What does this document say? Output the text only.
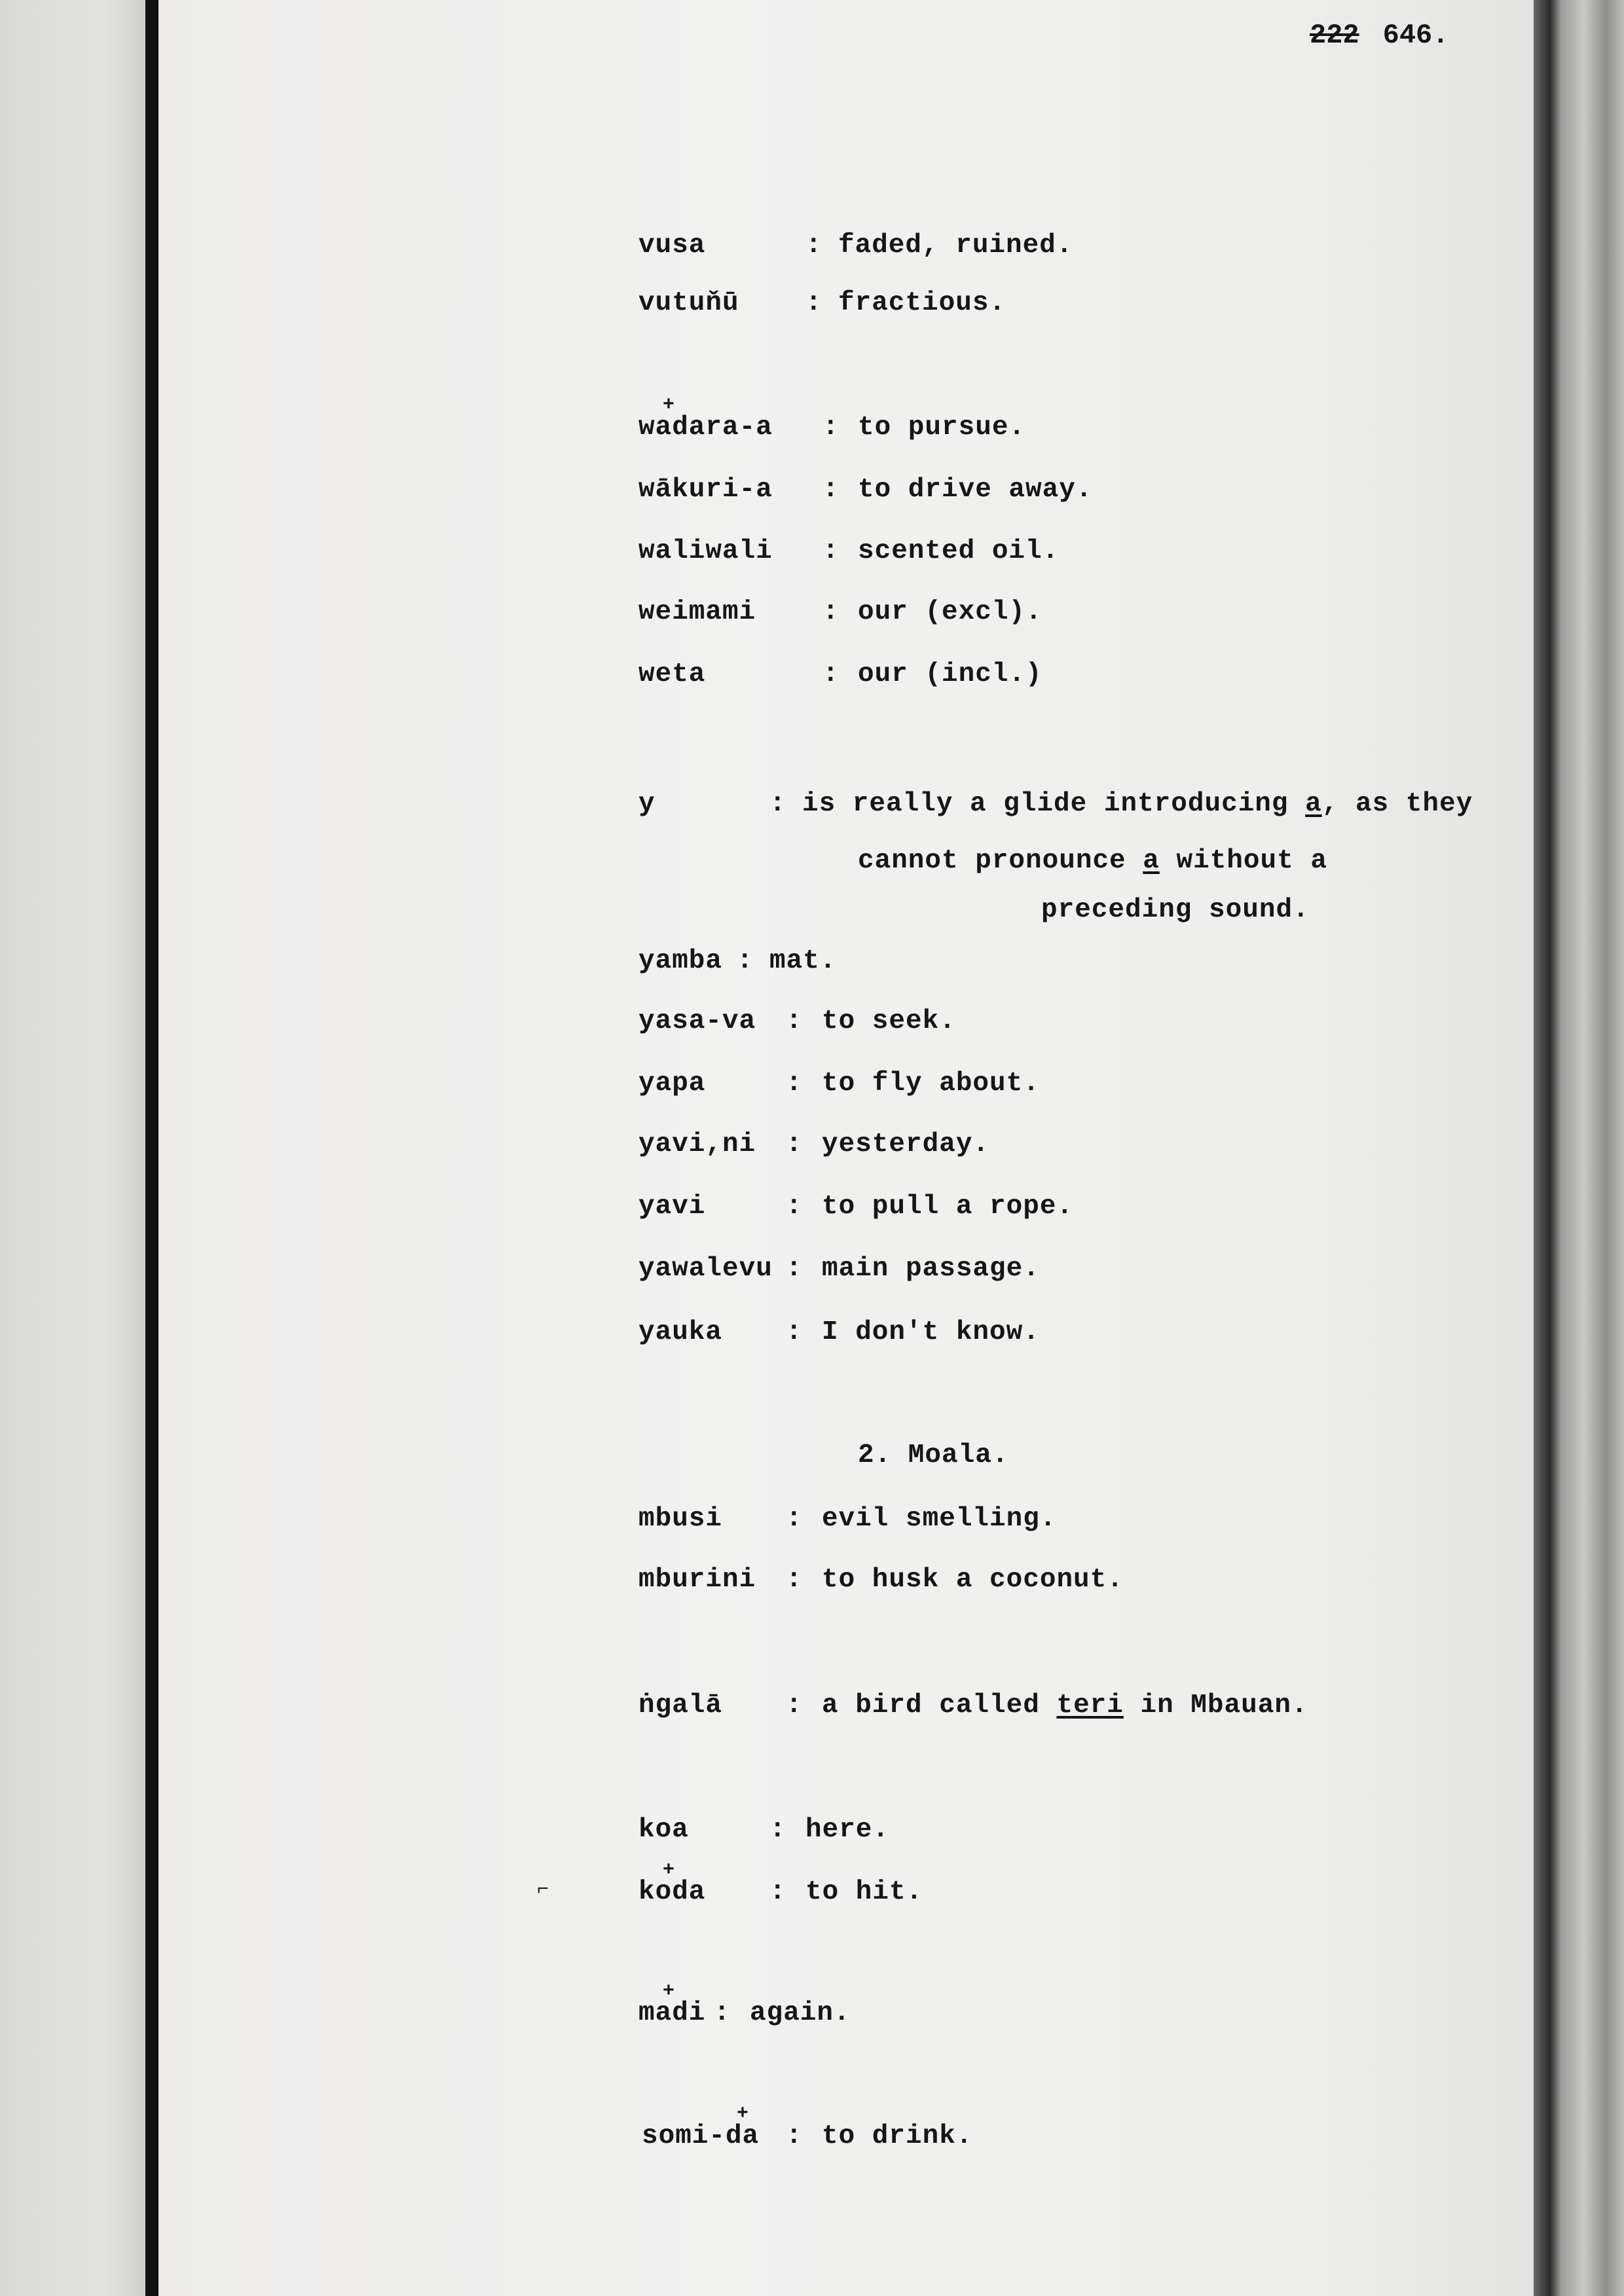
222 646.
vusa	: faded, ruined.
vutuňū : fractious.
+
wadara-a : to pursue.
wākuri-a : to drive away.
waliwali : scented oil.
weimami : our (excl).
weta	: our (incl.)
y	: is really a glide introducing a, as they
cannot pronounce a without a
preceding sound.
yamba : mat.
yasa-va : to seek.
yapa	: to fly about.
yavi,ni : yesterday.
yavi	: to pull a rope.
yawalevu : main passage.
yauka : I don't know.
2. Moala.
mbusi : evil smelling.
mburini : to husk a coconut.
ṅgalā : a bird called teri in Mbauan.
koa	: here.
⌐
+
koda : to hit.
+
madi : again.
+
somi-da : to drink.
